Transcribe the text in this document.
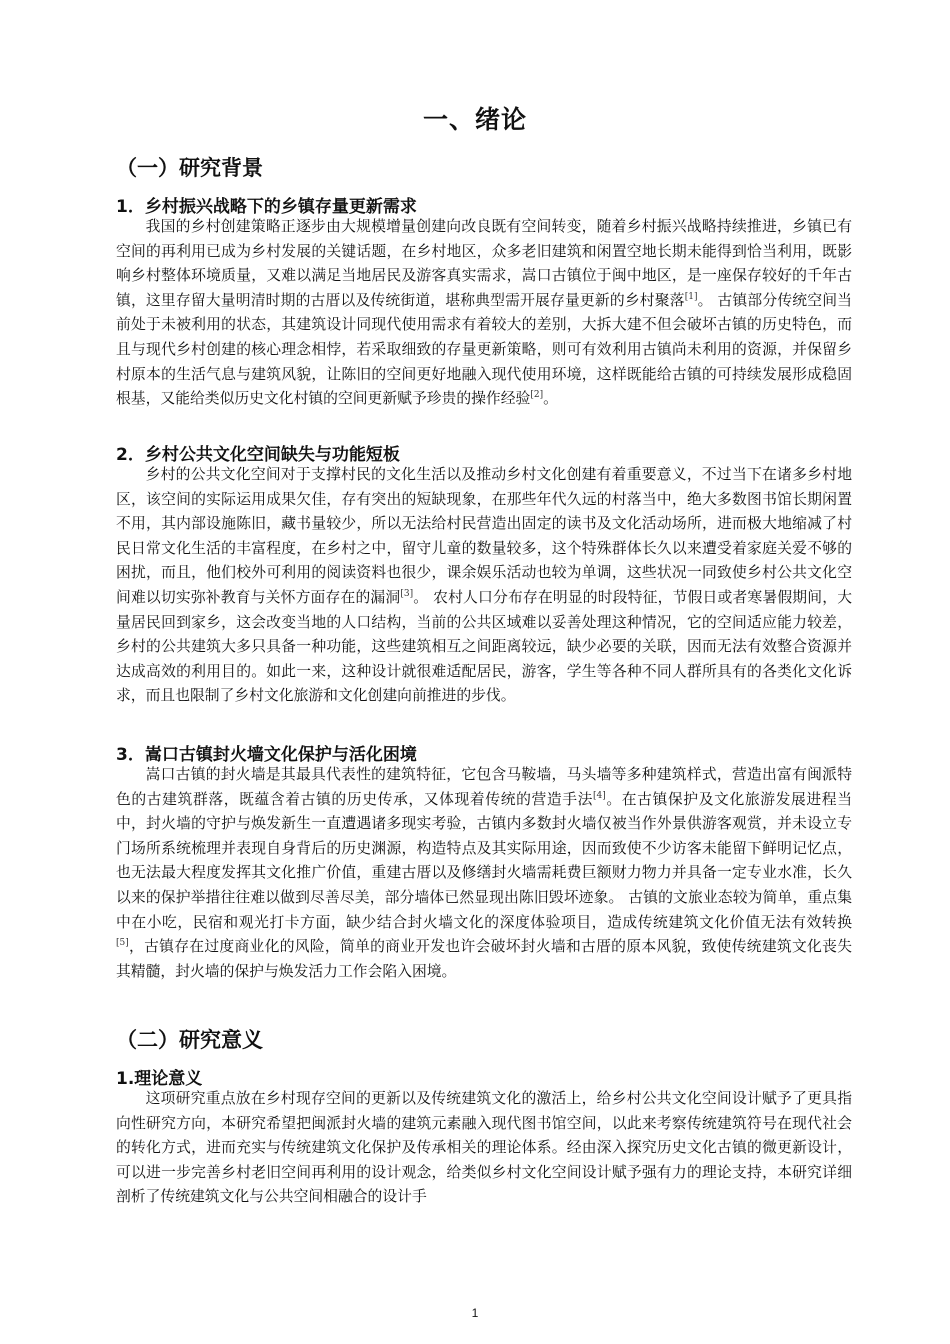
一、绪论
（一）研究背景
1．乡村振兴战略下的乡镇存量更新需求

我国的乡村创建策略正逐步由大规模增量创建向改良既有空间转变，随着乡村振兴战略持续推进，乡镇已有空间的再利用已成为乡村发展的关键话题，在乡村地区，众多老旧建筑和闲置空地长期未能得到恰当利用，既影响乡村整体环境质量，又难以满足当地居民及游客真实需求，嵩口古镇位于闽中地区，是一座保存较好的千年古镇，这里存留大量明清时期的古厝以及传统街道，堪称典型需开展存量更新的乡村聚落[1]。 古镇部分传统空间当前处于未被利用的状态，其建筑设计同现代使用需求有着较大的差别，大拆大建不但会破坏古镇的历史特色，而且与现代乡村创建的核心理念相悖，若采取细致的存量更新策略，则可有效利用古镇尚未利用的资源，并保留乡村原本的生活气息与建筑风貌，让陈旧的空间更好地融入现代使用环境，这样既能给古镇的可持续发展形成稳固根基，又能给类似历史文化村镇的空间更新赋予珍贵的操作经验[2]。

2．乡村公共文化空间缺失与功能短板

乡村的公共文化空间对于支撑村民的文化生活以及推动乡村文化创建有着重要意义，不过当下在诸多乡村地区，该空间的实际运用成果欠佳，存有突出的短缺现象，在那些年代久远的村落当中，绝大多数图书馆长期闲置不用，其内部设施陈旧，藏书量较少，所以无法给村民营造出固定的读书及文化活动场所，进而极大地缩减了村民日常文化生活的丰富程度，在乡村之中，留守儿童的数量较多，这个特殊群体长久以来遭受着家庭关爱不够的困扰，而且，他们校外可利用的阅读资料也很少，课余娱乐活动也较为单调，这些状况一同致使乡村公共文化空间难以切实弥补教育与关怀方面存在的漏洞[3]。 农村人口分布存在明显的时段特征，节假日或者寒暑假期间，大量居民回到家乡，这会改变当地的人口结构，当前的公共区域难以妥善处理这种情况，它的空间适应能力较差，乡村的公共建筑大多只具备一种功能，这些建筑相互之间距离较远，缺少必要的关联，因而无法有效整合资源并达成高效的利用目的。如此一来，这种设计就很难适配居民，游客，学生等各种不同人群所具有的各类化文化诉求，而且也限制了乡村文化旅游和文化创建向前推进的步伐。

3．嵩口古镇封火墙文化保护与活化困境

嵩口古镇的封火墙是其最具代表性的建筑特征，它包含马鞍墙，马头墙等多种建筑样式，营造出富有闽派特色的古建筑群落，既蕴含着古镇的历史传承，又体现着传统的营造手法[4]。在古镇保护及文化旅游发展进程当中，封火墙的守护与焕发新生一直遭遇诸多现实考验，古镇内多数封火墙仅被当作外景供游客观赏，并未设立专门场所系统梳理并表现自身背后的历史渊源，构造特点及其实际用途，因而致使不少访客未能留下鲜明记忆点，也无法最大程度发挥其文化推广价值，重建古厝以及修缮封火墙需耗费巨额财力物力并具备一定专业水准，长久以来的保护举措往往难以做到尽善尽美，部分墙体已然显现出陈旧毁坏迹象。 古镇的文旅业态较为简单，重点集中在小吃，民宿和观光打卡方面，缺少结合封火墙文化的深度体验项目，造成传统建筑文化价值无法有效转换[5]，古镇存在过度商业化的风险，简单的商业开发也许会破坏封火墙和古厝的原本风貌，致使传统建筑文化丧失其精髓，封火墙的保护与焕发活力工作会陷入困境。

（二）研究意义
1.理论意义

这项研究重点放在乡村现存空间的更新以及传统建筑文化的激活上，给乡村公共文化空间设计赋予了更具指向性研究方向，本研究希望把闽派封火墙的建筑元素融入现代图书馆空间，以此来考察传统建筑符号在现代社会的转化方式，进而充实与传统建筑文化保护及传承相关的理论体系。经由深入探究历史文化古镇的微更新设计，可以进一步完善乡村老旧空间再利用的设计观念，给类似乡村文化空间设计赋予强有力的理论支持，本研究详细剖析了传统建筑文化与公共空间相融合的设计手

1
